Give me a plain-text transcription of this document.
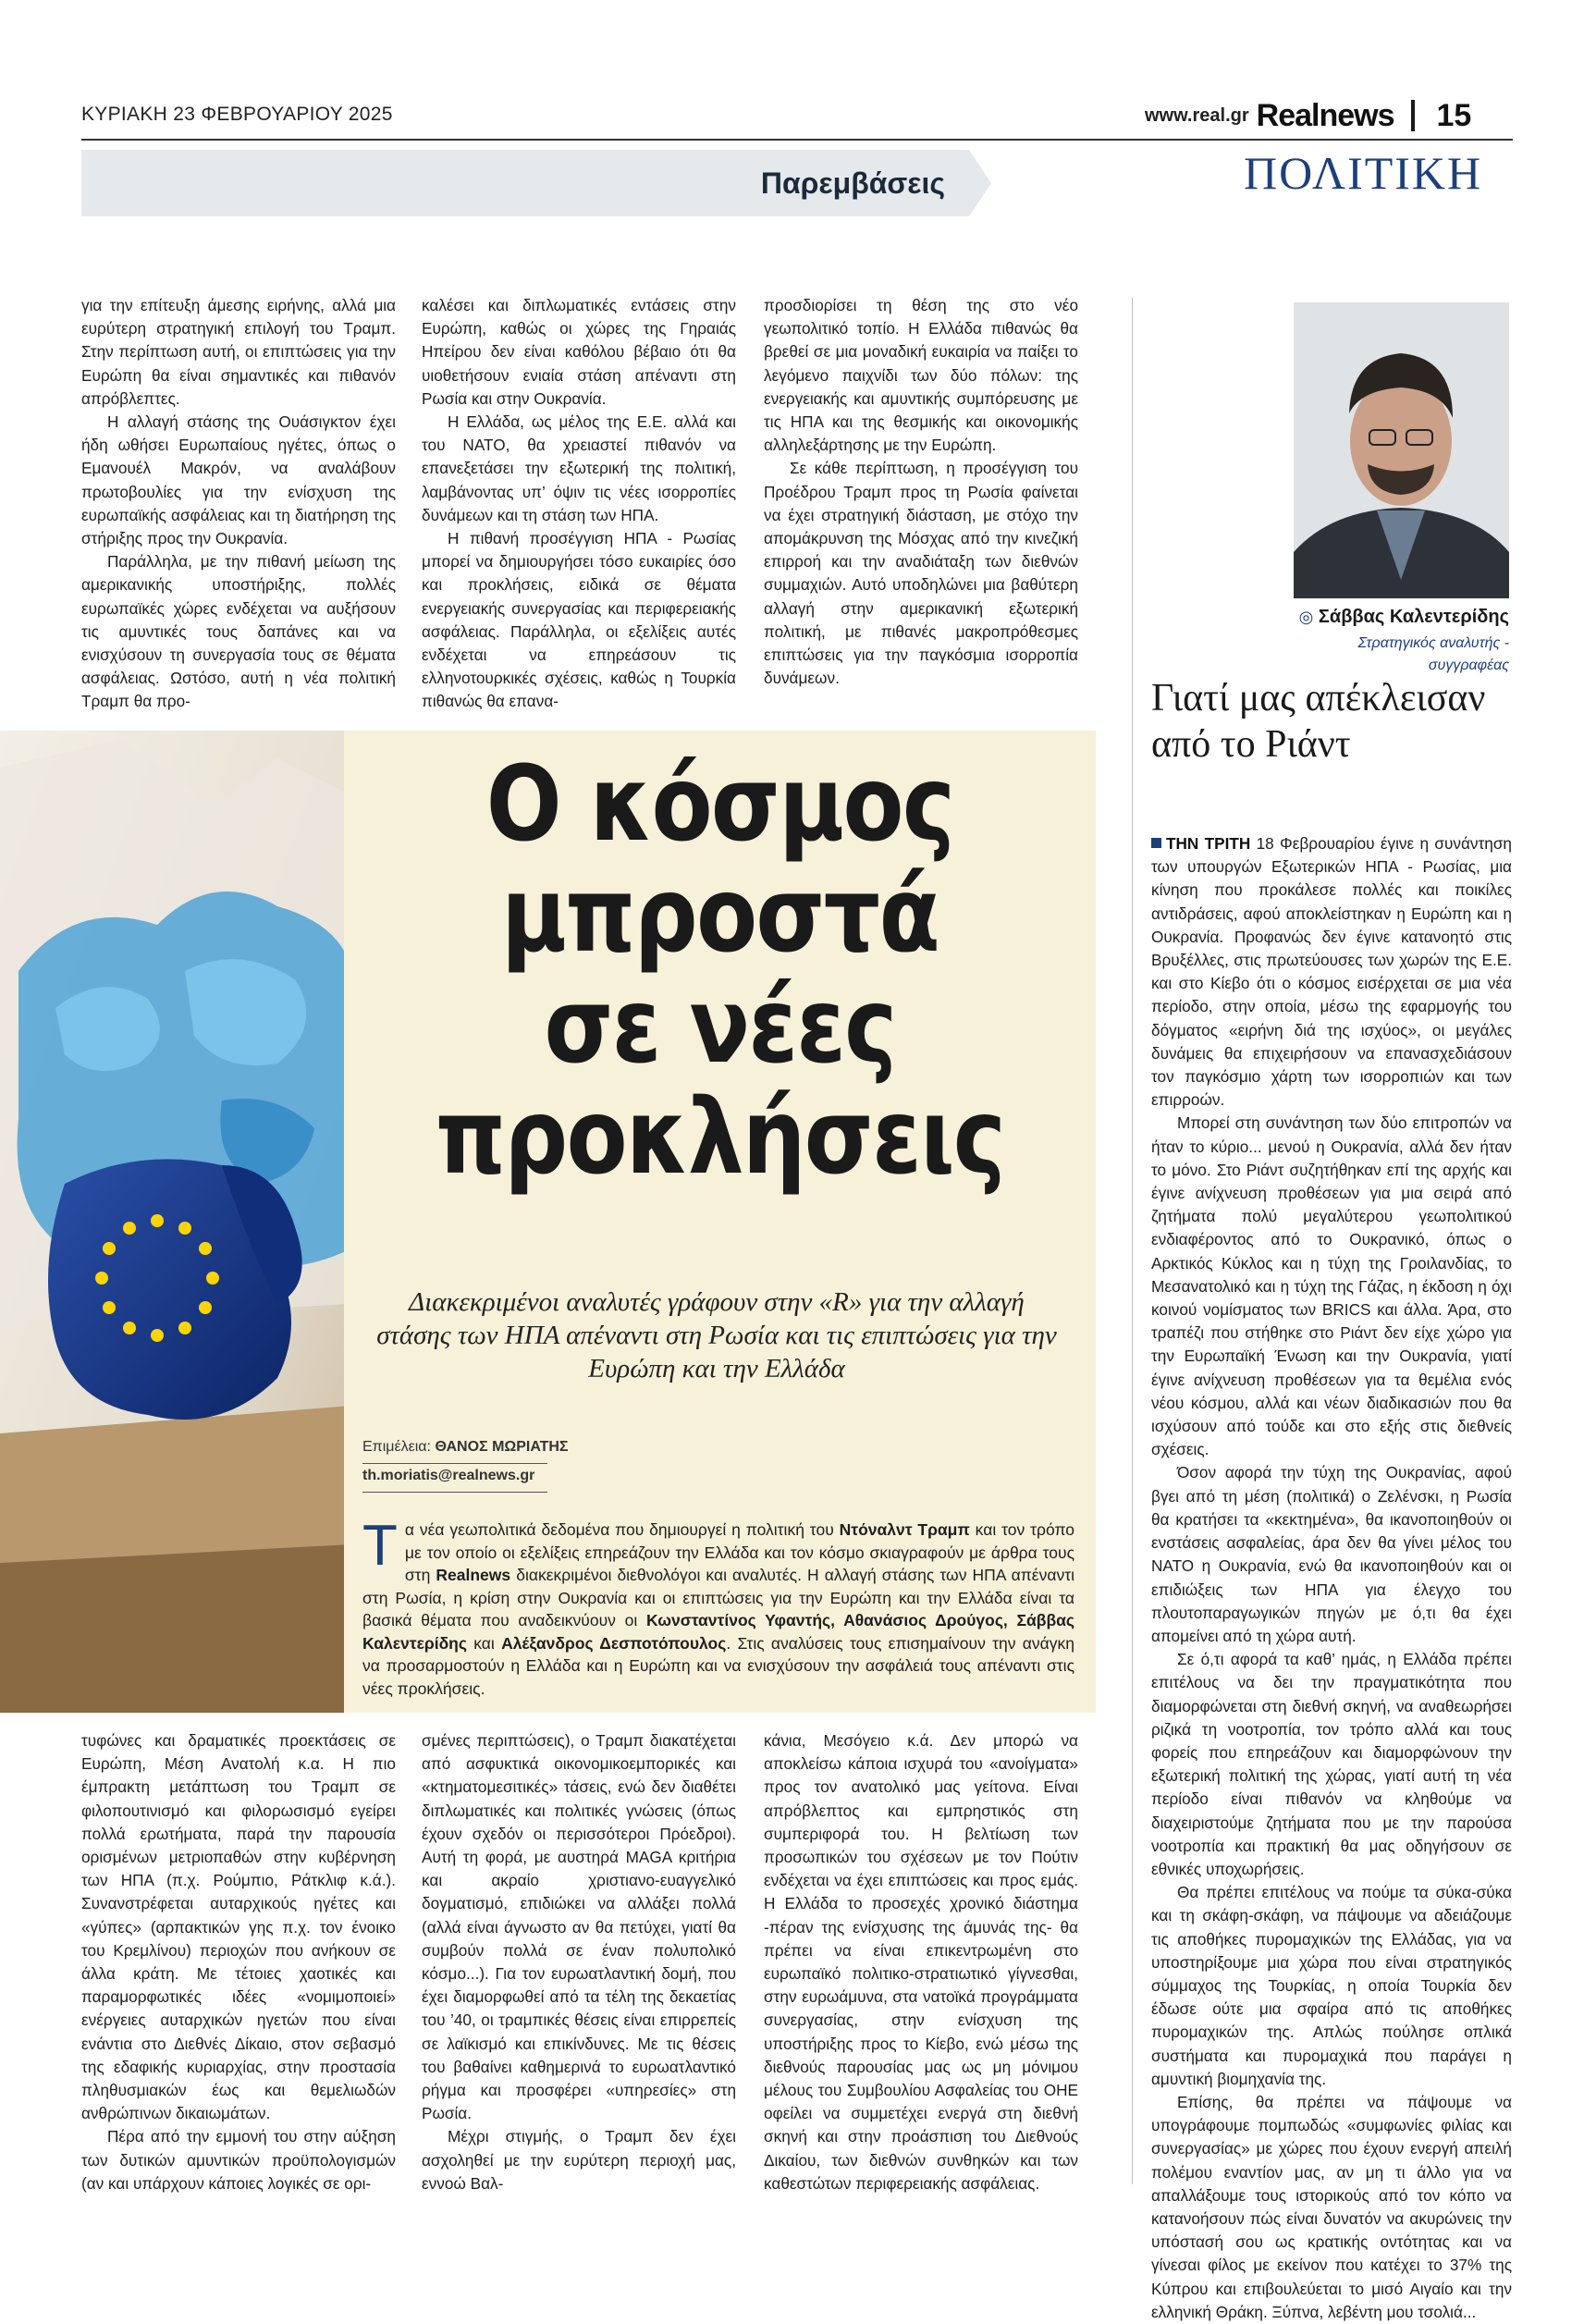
ΚΥΡΙΑΚΗ 23 ΦΕΒΡΟΥΑΡΙΟΥ 2025	www.real.gr Realnews 15
Παρεμβάσεις	ΠΟΛΙΤΙΚΗ

για την επίτευξη άμεσης ειρήνης, αλλά μια ευρύτερη στρατηγική επιλογή του Τραμπ. Στην περίπτωση αυτή, οι επιπτώσεις για την Ευρώπη θα είναι σημαντικές και πιθανόν απρόβλεπτες.

Η αλλαγή στάσης της Ουάσιγκτον έχει ήδη ωθήσει Ευρωπαίους ηγέτες, όπως ο Εμανουέλ Μακρόν, να αναλάβουν πρωτοβουλίες για την ενίσχυση της ευρωπαϊκής ασφάλειας και τη διατήρηση της στήριξης προς την Ουκρανία.

Παράλληλα, με την πιθανή μείωση της αμερικανικής υποστήριξης, πολλές ευρωπαϊκές χώρες ενδέχεται να αυξήσουν τις αμυντικές τους δαπάνες και να ενισχύσουν τη συνεργασία τους σε θέματα ασφάλειας. Ωστόσο, αυτή η νέα πολιτική Τραμπ θα προ-

καλέσει και διπλωματικές εντάσεις στην Ευρώπη, καθώς οι χώρες της Γηραιάς Ηπείρου δεν είναι καθόλου βέβαιο ότι θα υιοθετήσουν ενιαία στάση απέναντι στη Ρωσία και στην Ουκρανία.

Η Ελλάδα, ως μέλος της Ε.Ε. αλλά και του ΝΑΤΟ, θα χρειαστεί πιθανόν να επανεξετάσει την εξωτερική της πολιτική, λαμβάνοντας υπ’ όψιν τις νέες ισορροπίες δυνάμεων και τη στάση των ΗΠΑ.

Η πιθανή προσέγγιση ΗΠΑ - Ρωσίας μπορεί να δημιουργήσει τόσο ευκαιρίες όσο και προκλήσεις, ειδικά σε θέματα ενεργειακής συνεργασίας και περιφερειακής ασφάλειας. Παράλληλα, οι εξελίξεις αυτές ενδέχεται να επηρεάσουν τις ελληνοτουρκικές σχέσεις, καθώς η Τουρκία πιθανώς θα επανα-

προσδιορίσει τη θέση της στο νέο γεωπολιτικό τοπίο. Η Ελλάδα πιθανώς θα βρεθεί σε μια μοναδική ευκαιρία να παίξει το λεγόμενο παιχνίδι των δύο πόλων: της ενεργειακής και αμυντικής συμπόρευσης με τις ΗΠΑ και της θεσμικής και οικονομικής αλληλεξάρτησης με την Ευρώπη.

Σε κάθε περίπτωση, η προσέγγιση του Προέδρου Τραμπ προς τη Ρωσία φαίνεται να έχει στρατηγική διάσταση, με στόχο την απομάκρυνση της Μόσχας από την κινεζική επιρροή και την αναδιάταξη των διεθνών συμμαχιών. Αυτό υποδηλώνει μια βαθύτερη αλλαγή στην αμερικανική εξωτερική πολιτική, με πιθανές μακροπρόθεσμες επιπτώσεις για την παγκόσμια ισορροπία δυνάμεων.

Ο κόσμος
μπροστά
σε νέες
προκλήσεις
Διακεκριμένοι αναλυτές γράφουν στην «R» για την αλλαγή στάσης των ΗΠΑ απέναντι στη Ρωσία και τις επιπτώσεις για την Ευρώπη και την Ελλάδα
Επιμέλεια: ΘΑΝΟΣ ΜΩΡΙΑΤΗΣ
th.moriatis@realnews.gr
Τα νέα γεωπολιτικά δεδομένα που δημιουργεί η πολιτική του Ντόναλντ Τραμπ και τον τρόπο με τον οποίο οι εξελίξεις επηρεάζουν την Ελλάδα και τον κόσμο σκιαγραφούν με άρθρα τους στη Realnews διακεκριμένοι διεθνολόγοι και αναλυτές. Η αλλαγή στάσης των ΗΠΑ απέναντι στη Ρωσία, η κρίση στην Ουκρανία και οι επιπτώσεις για την Ευρώπη και την Ελλάδα είναι τα βασικά θέματα που αναδεικνύουν οι Κωνσταντίνος Υφαντής, Αθανάσιος Δρούγος, Σάββας Καλεντερίδης και Αλέξανδρος Δεσποτόπουλος. Στις αναλύσεις τους επισημαίνουν την ανάγκη να προσαρμοστούν η Ελλάδα και η Ευρώπη και να ενισχύσουν την ασφάλειά τους απέναντι στις νέες προκλήσεις.

τυφώνες και δραματικές προεκτάσεις σε Ευρώπη, Μέση Ανατολή κ.α. Η πιο έμπρακτη μετάπτωση του Τραμπ σε φιλοπουτινισμό και φιλορωσισμό εγείρει πολλά ερωτήματα, παρά την παρουσία ορισμένων μετριοπαθών στην κυβέρνηση των ΗΠΑ (π.χ. Ρούμπιο, Ράτκλιφ κ.ά.). Συνανστρέφεται αυταρχικούς ηγέτες και «γύπες» (αρπακτικών γης π.χ. τον ένοικο του Κρεμλίνου) περιοχών που ανήκουν σε άλλα κράτη. Με τέτοιες χαοτικές και παραμορφωτικές ιδέες «νομιμοποιεί» ενέργειες αυταρχικών ηγετών που είναι ενάντια στο Διεθνές Δίκαιο, στον σεβασμό της εδαφικής κυριαρχίας, στην προστασία πληθυσμιακών έως και θεμελιωδών ανθρώπινων δικαιωμάτων.

Πέρα από την εμμονή του στην αύξηση των δυτικών αμυντικών προϋπολογισμών (αν και υπάρχουν κάποιες λογικές σε ορι-

σμένες περιπτώσεις), ο Τραμπ διακατέχεται από ασφυκτικά οικονομικοεμπορικές και «κτηματομεσιτικές» τάσεις, ενώ δεν διαθέτει διπλωματικές και πολιτικές γνώσεις (όπως έχουν σχεδόν οι περισσότεροι Πρόεδροι). Αυτή τη φορά, με αυστηρά MAGA κριτήρια και ακραίο χριστιανο-ευαγγελικό δογματισμό, επιδιώκει να αλλάξει πολλά (αλλά είναι άγνωστο αν θα πετύχει, γιατί θα συμβούν πολλά σε έναν πολυπολικό κόσμο...). Για τον ευρωατλαντική δομή, που έχει διαμορφωθεί από τα τέλη της δεκαετίας του ’40, οι τραμπικές θέσεις είναι επιρρεπείς σε λαϊκισμό και επικίνδυνες. Με τις θέσεις του βαθαίνει καθημερινά το ευρωατλαντικό ρήγμα και προσφέρει «υπηρεσίες» στη Ρωσία.

Μέχρι στιγμής, ο Τραμπ δεν έχει ασχοληθεί με την ευρύτερη περιοχή μας, εννοώ Βαλ-

κάνια, Μεσόγειο κ.ά. Δεν μπορώ να αποκλείσω κάποια ισχυρά του «ανοίγματα» προς τον ανατολικό μας γείτονα. Είναι απρόβλεπτος και εμπρηστικός στη συμπεριφορά του. Η βελτίωση των προσωπικών του σχέσεων με τον Πούτιν ενδέχεται να έχει επιπτώσεις και προς εμάς. Η Ελλάδα το προσεχές χρονικό διάστημα -πέραν της ενίσχυσης της άμυνάς της- θα πρέπει να είναι επικεντρωμένη στο ευρωπαϊκό πολιτικο-στρατιωτικό γίγνεσθαι, στην ευρωάμυνα, στα νατοϊκά προγράμματα συνεργασίας, στην ενίσχυση της υποστήριξης προς το Κίεβο, ενώ μέσω της διεθνούς παρουσίας μας ως μη μόνιμου μέλους του Συμβουλίου Ασφαλείας του ΟΗΕ οφείλει να συμμετέχει ενεργά στη διεθνή σκηνή και στην προάσπιση του Διεθνούς Δικαίου, των διεθνών συνθηκών και των καθεστώτων περιφερειακής ασφάλειας.

◎ Σάββας Καλεντερίδης
Στρατηγικός αναλυτής -
συγγραφέας
Γιατί μας απέκλεισαν από το Ριάντ

ΤΗΝ ΤΡΙΤΗ 18 Φεβρουαρίου έγινε η συνάντηση των υπουργών Εξωτερικών ΗΠΑ - Ρωσίας, μια κίνηση που προκάλεσε πολλές και ποικίλες αντιδράσεις, αφού αποκλείστηκαν η Ευρώπη και η Ουκρανία. Προφανώς δεν έγινε κατανοητό στις Βρυξέλλες, στις πρωτεύουσες των χωρών της Ε.Ε. και στο Κίεβο ότι ο κόσμος εισέρχεται σε μια νέα περίοδο, στην οποία, μέσω της εφαρμογής του δόγματος «ειρήνη διά της ισχύος», οι μεγάλες δυνάμεις θα επιχειρήσουν να επανασχεδιάσουν τον παγκόσμιο χάρτη των ισορροπιών και των επιρροών.

Μπορεί στη συνάντηση των δύο επιτροπών να ήταν το κύριο... μενού η Ουκρανία, αλλά δεν ήταν το μόνο. Στο Ριάντ συζητήθηκαν επί της αρχής και έγινε ανίχνευση προθέσεων για μια σειρά από ζητήματα πολύ μεγαλύτερου γεωπολιτικού ενδιαφέροντος από το Ουκρανικό, όπως ο Αρκτικός Κύκλος και η τύχη της Γροιλανδίας, το Μεσανατολικό και η τύχη της Γάζας, η έκδοση η όχι κοινού νομίσματος των BRICS και άλλα. Άρα, στο τραπέζι που στήθηκε στο Ριάντ δεν είχε χώρο για την Ευρωπαϊκή Ένωση και την Ουκρανία, γιατί έγινε ανίχνευση προθέσεων για τα θεμέλια ενός νέου κόσμου, αλλά και νέων διαδικασιών που θα ισχύσουν από τούδε και στο εξής στις διεθνείς σχέσεις.

Όσον αφορά την τύχη της Ουκρανίας, αφού βγει από τη μέση (πολιτικά) ο Ζελένσκι, η Ρωσία θα κρατήσει τα «κεκτημένα», θα ικανοποιηθούν οι ενστάσεις ασφαλείας, άρα δεν θα γίνει μέλος του ΝΑΤΟ η Ουκρανία, ενώ θα ικανοποιηθούν και οι επιδιώξεις των ΗΠΑ για έλεγχο του πλουτοπαραγωγικών πηγών με ό,τι θα έχει απομείνει από τη χώρα αυτή.

Σε ό,τι αφορά τα καθ’ ημάς, η Ελλάδα πρέπει επιτέλους να δει την πραγματικότητα που διαμορφώνεται στη διεθνή σκηνή, να αναθεωρήσει ριζικά τη νοοτροπία, τον τρόπο αλλά και τους φορείς που επηρεάζουν και διαμορφώνουν την εξωτερική πολιτική της χώρας, γιατί αυτή τη νέα περίοδο είναι πιθανόν να κληθούμε να διαχειριστούμε ζητήματα που με την παρούσα νοοτροπία και πρακτική θα μας οδηγήσουν σε εθνικές υποχωρήσεις.

Θα πρέπει επιτέλους να πούμε τα σύκα-σύκα και τη σκάφη-σκάφη, να πάψουμε να αδειάζουμε τις αποθήκες πυρομαχικών της Ελλάδας, για να υποστηρίξουμε μια χώρα που είναι στρατηγικός σύμμαχος της Τουρκίας, η οποία Τουρκία δεν έδωσε ούτε μια σφαίρα από τις αποθήκες πυρομαχικών της. Απλώς πούλησε οπλικά συστήματα και πυρομαχικά που παράγει η αμυντική βιομηχανία της.

Επίσης, θα πρέπει να πάψουμε να υπογράφουμε πομπωδώς «συμφωνίες φιλίας και συνεργασίας» με χώρες που έχουν ενεργή απειλή πολέμου εναντίον μας, αν μη τι άλλο για να απαλλάξουμε τους ιστορικούς από τον κόπο να κατανοήσουν πώς είναι δυνατόν να ακυρώνεις την υπόστασή σου ως κρατικής οντότητας και να γίνεσαι φίλος με εκείνον που κατέχει το 37% της Κύπρου και επιβουλεύεται το μισό Αιγαίο και την ελληνική Θράκη. Ξύπνα, λεβέντη μου τσολιά...
